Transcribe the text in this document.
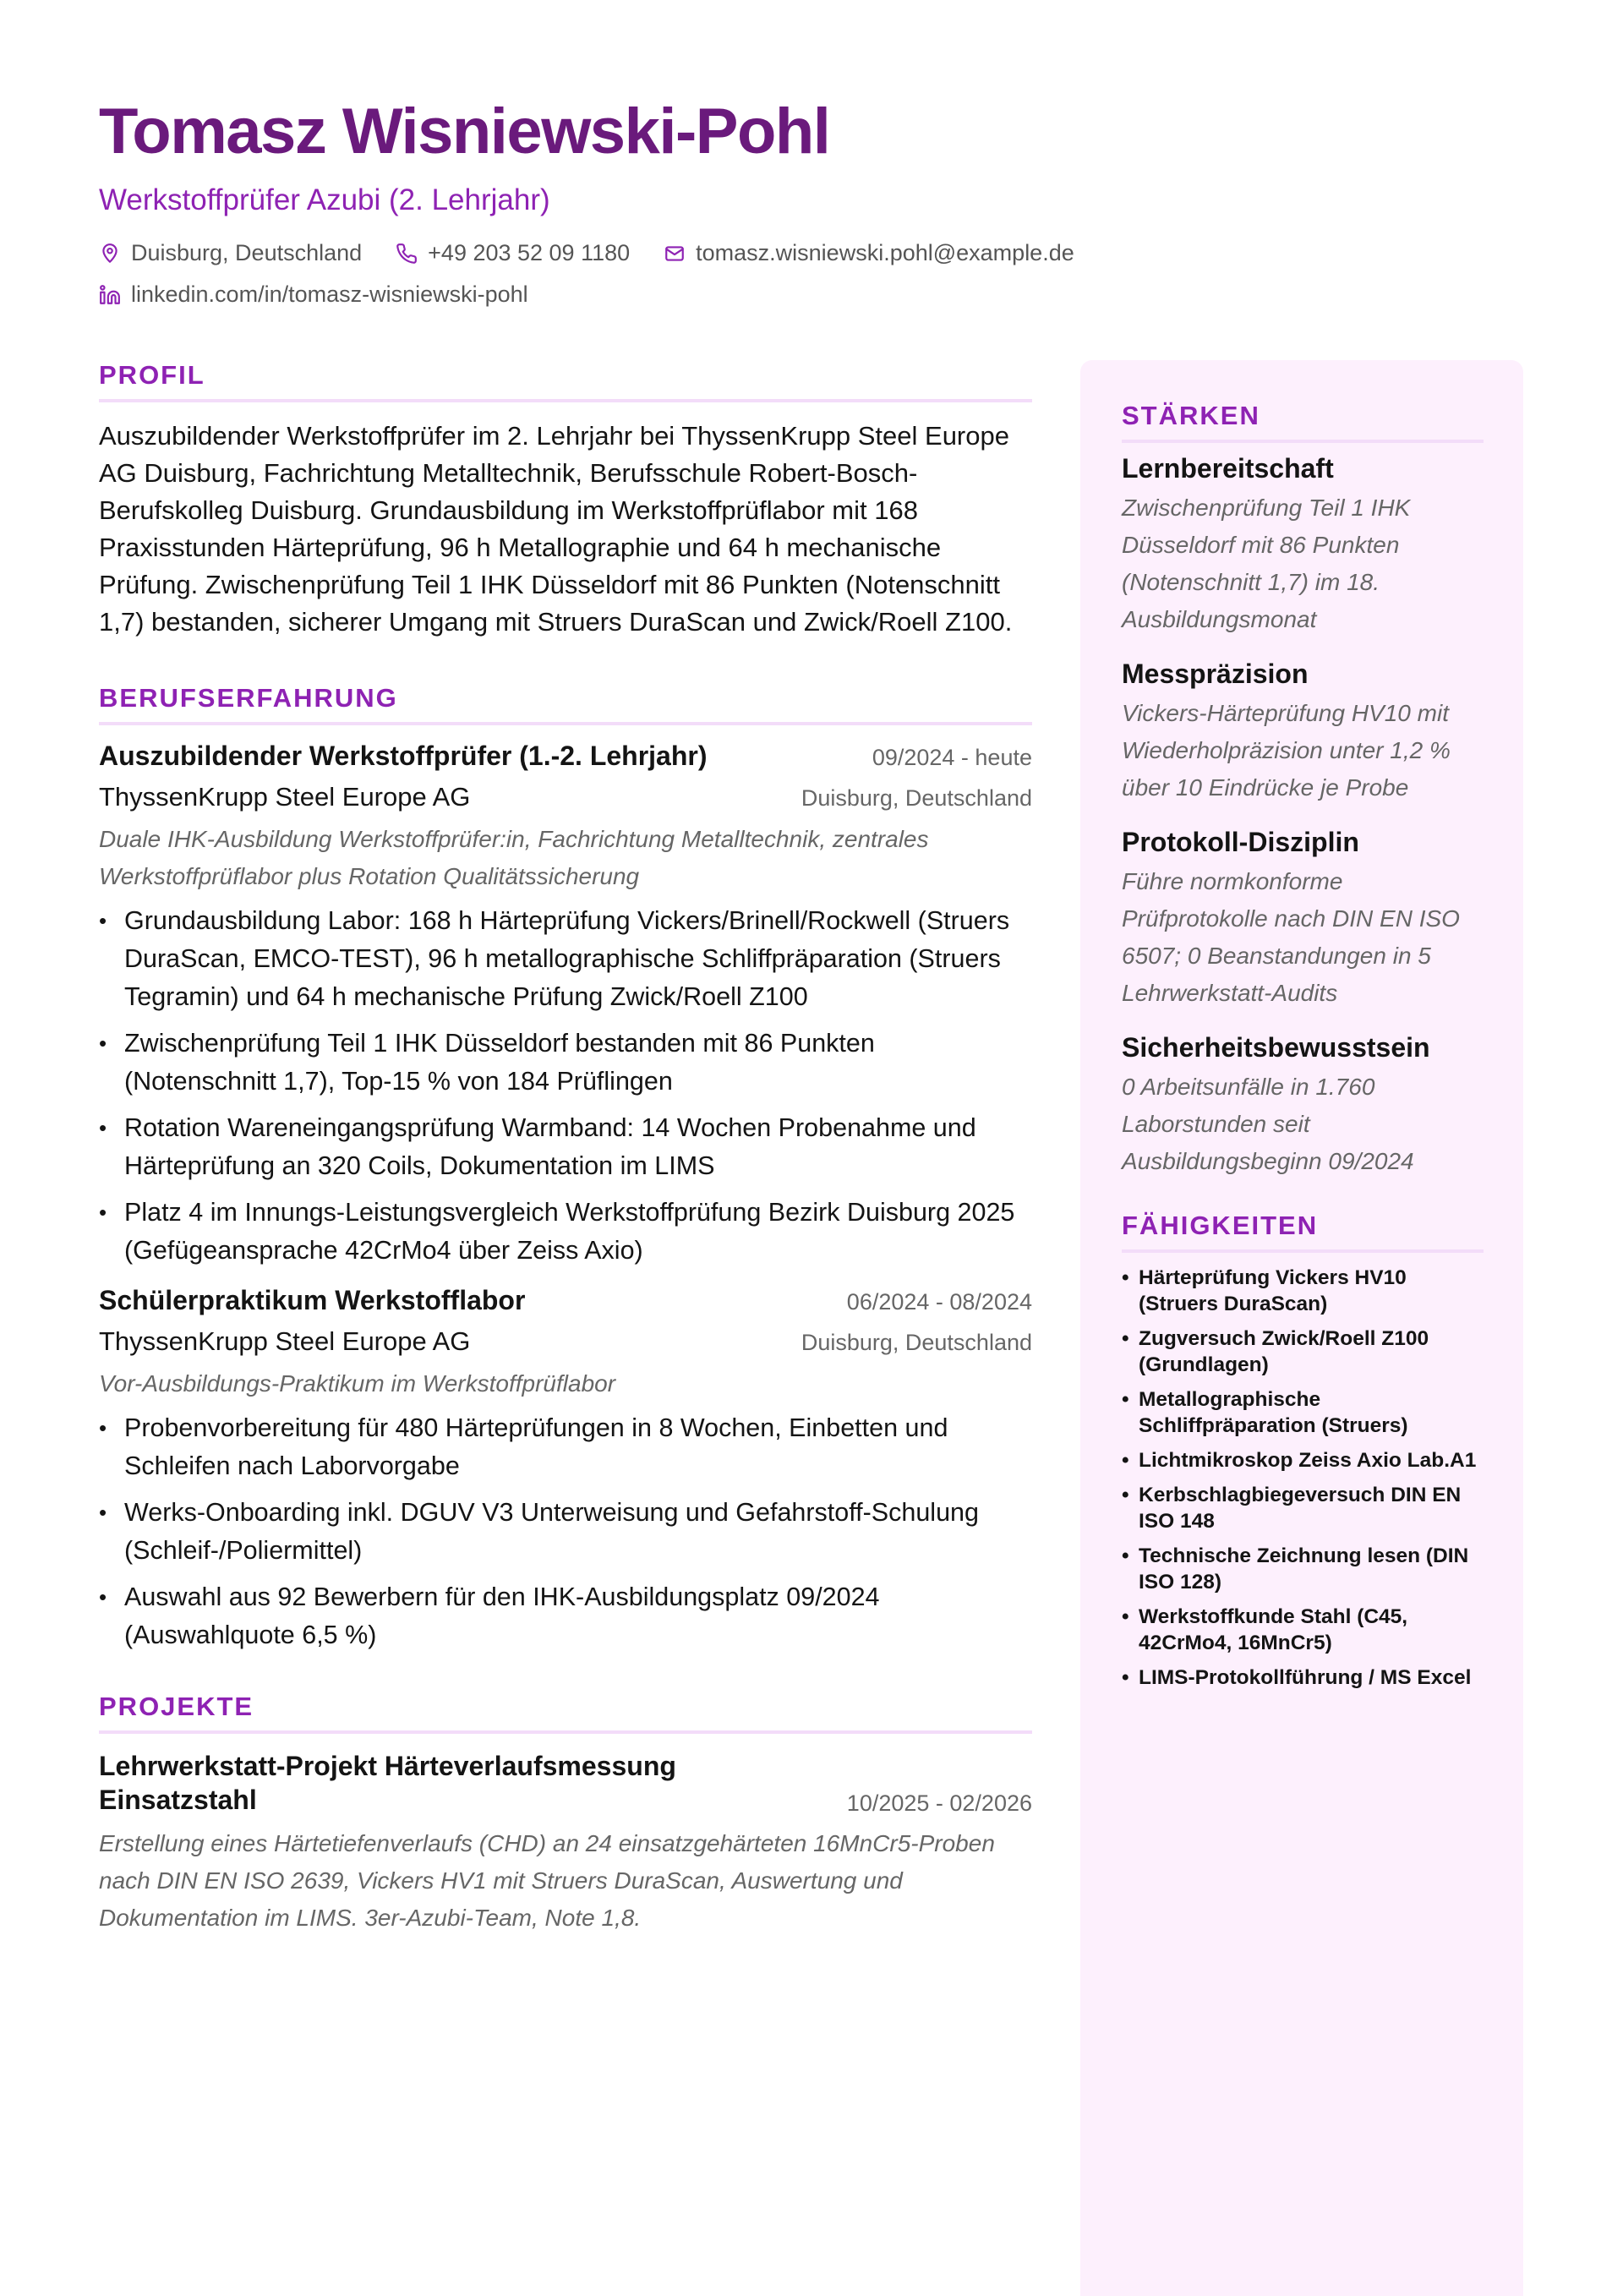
Tomasz Wisniewski-Pohl
Werkstoffprüfer Azubi (2. Lehrjahr)
Duisburg, Deutschland	+49 203 52 09 1180	tomasz.wisniewski.pohl@example.de
linkedin.com/in/tomasz-wisniewski-pohl
PROFIL

Auszubildender Werkstoffprüfer im 2. Lehrjahr bei ThyssenKrupp Steel Europe AG Duisburg, Fachrichtung Metalltechnik, Berufsschule Robert-Bosch-Berufskolleg Duisburg. Grundausbildung im Werkstoffprüflabor mit 168 Praxisstunden Härteprüfung, 96 h Metallographie und 64 h mechanische Prüfung. Zwischenprüfung Teil 1 IHK Düsseldorf mit 86 Punkten (Notenschnitt 1,7) bestanden, sicherer Umgang mit Struers DuraScan und Zwick/Roell Z100.

BERUFSERFAHRUNG
Auszubildender Werkstoffprüfer (1.-2. Lehrjahr)	09/2024 - heute
ThyssenKrupp Steel Europe AG	Duisburg, Deutschland
Duale IHK-Ausbildung Werkstoffprüfer:in, Fachrichtung Metalltechnik, zentrales Werkstoffprüflabor plus Rotation Qualitätssicherung
• Grundausbildung Labor: 168 h Härteprüfung Vickers/Brinell/Rockwell (Struers DuraScan, EMCO-TEST), 96 h metallographische Schliffpräparation (Struers Tegramin) und 64 h mechanische Prüfung Zwick/Roell Z100
• Zwischenprüfung Teil 1 IHK Düsseldorf bestanden mit 86 Punkten (Notenschnitt 1,7), Top-15 % von 184 Prüflingen
• Rotation Wareneingangsprüfung Warmband: 14 Wochen Probenahme und Härteprüfung an 320 Coils, Dokumentation im LIMS
• Platz 4 im Innungs-Leistungsvergleich Werkstoffprüfung Bezirk Duisburg 2025 (Gefügeansprache 42CrMo4 über Zeiss Axio)
Schülerpraktikum Werkstofflabor	06/2024 - 08/2024
ThyssenKrupp Steel Europe AG	Duisburg, Deutschland
Vor-Ausbildungs-Praktikum im Werkstoffprüflabor
• Probenvorbereitung für 480 Härteprüfungen in 8 Wochen, Einbetten und Schleifen nach Laborvorgabe
• Werks-Onboarding inkl. DGUV V3 Unterweisung und Gefahrstoff-Schulung (Schleif-/Poliermittel)
• Auswahl aus 92 Bewerbern für den IHK-Ausbildungsplatz 09/2024 (Auswahlquote 6,5 %)
PROJEKTE
Lehrwerkstatt-Projekt Härteverlaufsmessung Einsatzstahl	10/2025 - 02/2026
Erstellung eines Härtetiefenverlaufs (CHD) an 24 einsatzgehärteten 16MnCr5-Proben nach DIN EN ISO 2639, Vickers HV1 mit Struers DuraScan, Auswertung und Dokumentation im LIMS. 3er-Azubi-Team, Note 1,8.
STÄRKEN
Lernbereitschaft
Zwischenprüfung Teil 1 IHK Düsseldorf mit 86 Punkten (Notenschnitt 1,7) im 18. Ausbildungsmonat
Messpräzision
Vickers-Härteprüfung HV10 mit Wiederholpräzision unter 1,2 % über 10 Eindrücke je Probe
Protokoll-Disziplin
Führe normkonforme Prüfprotokolle nach DIN EN ISO 6507; 0 Beanstandungen in 5 Lehrwerkstatt-Audits
Sicherheitsbewusstsein
0 Arbeitsunfälle in 1.760 Laborstunden seit Ausbildungsbeginn 09/2024
FÄHIGKEITEN
• Härteprüfung Vickers HV10 (Struers DuraScan)
• Zugversuch Zwick/Roell Z100 (Grundlagen)
• Metallographische Schliffpräparation (Struers)
• Lichtmikroskop Zeiss Axio Lab.A1
• Kerbschlagbiegeversuch DIN EN ISO 148
• Technische Zeichnung lesen (DIN ISO 128)
• Werkstoffkunde Stahl (C45, 42CrMo4, 16MnCr5)
• LIMS-Protokollführung / MS Excel
